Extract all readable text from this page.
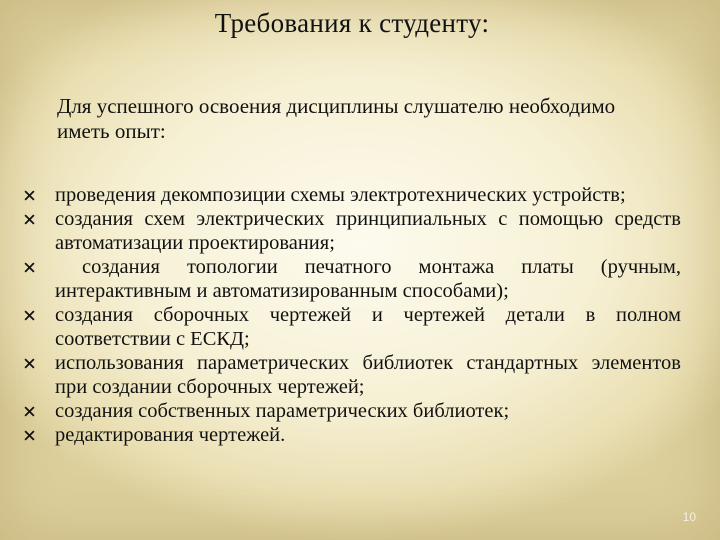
Требования к студенту:
Для успешного освоения дисциплины слушателю необходимо иметь опыт:
проведения декомпозиции схемы электротехнических устройств;
создания схем электрических принципиальных с помощью средств автоматизации проектирования;
создания топологии печатного монтажа платы (ручным, интерактивным и автоматизированным способами);
создания сборочных чертежей и чертежей детали в полном соответствии с ЕСКД;
использования параметрических библиотек стандартных элементов при создании сборочных чертежей;
создания собственных параметрических библиотек;
редактирования чертежей.
10
